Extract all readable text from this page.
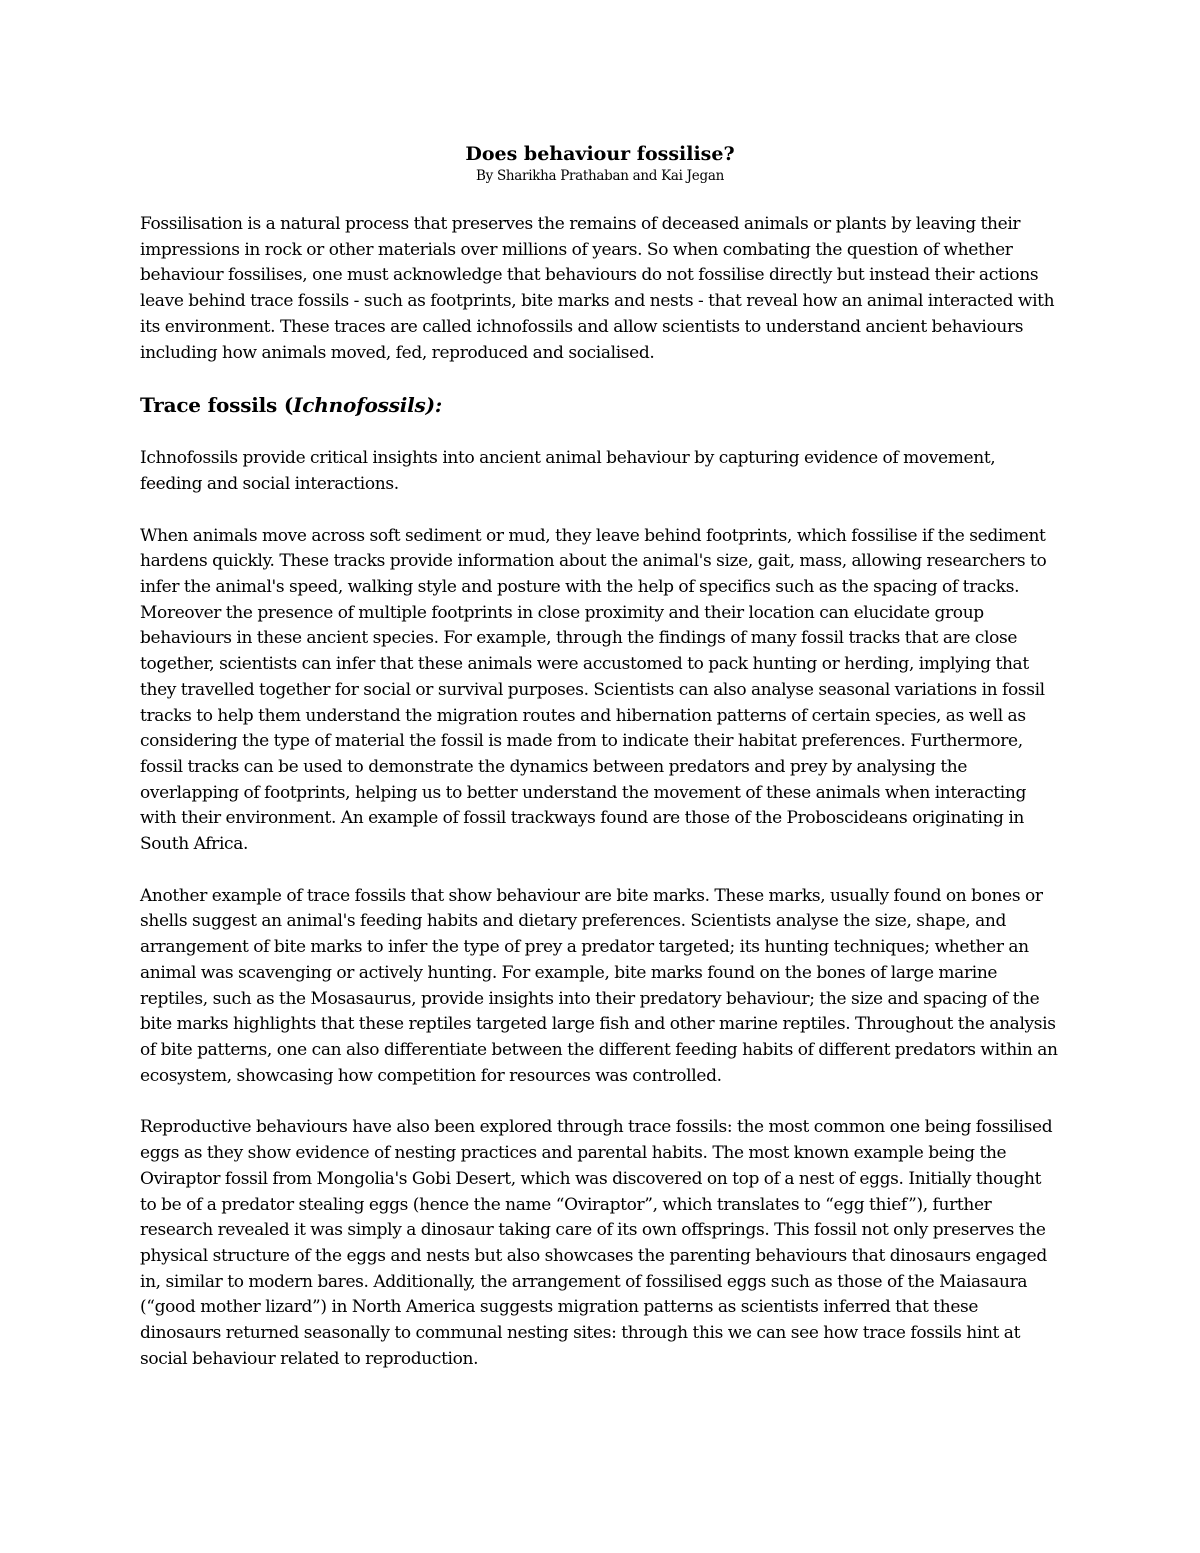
Does behaviour fossilise?

By Sharikha Prathaban and Kai Jegan

Fossilisation is a natural process that preserves the remains of deceased animals or plants by leaving their impressions in rock or other materials over millions of years. So when combating the question of whether behaviour fossilises, one must acknowledge that behaviours do not fossilise directly but instead their actions leave behind trace fossils - such as footprints, bite marks and nests - that reveal how an animal interacted with its environment. These traces are called ichnofossils and allow scientists to understand ancient behaviours including how animals moved, fed, reproduced and socialised.

Trace fossils (Ichnofossils):

Ichnofossils provide critical insights into ancient animal behaviour by capturing evidence of movement, feeding and social interactions.

When animals move across soft sediment or mud, they leave behind footprints, which fossilise if the sediment hardens quickly. These tracks provide information about the animal's size, gait, mass, allowing researchers to infer the animal's speed, walking style and posture with the help of specifics such as the spacing of tracks. Moreover the presence of multiple footprints in close proximity and their location can elucidate group behaviours in these ancient species. For example, through the findings of many fossil tracks that are close together, scientists can infer that these animals were accustomed to pack hunting or herding, implying that they travelled together for social or survival purposes. Scientists can also analyse seasonal variations in fossil tracks to help them understand the migration routes and hibernation patterns of certain species, as well as considering the type of material the fossil is made from to indicate their habitat preferences. Furthermore, fossil tracks can be used to demonstrate the dynamics between predators and prey by analysing the overlapping of footprints, helping us to better understand the movement of these animals when interacting with their environment. An example of fossil trackways found are those of the Proboscideans originating in South Africa.

Another example of trace fossils that show behaviour are bite marks. These marks, usually found on bones or shells suggest an animal's feeding habits and dietary preferences. Scientists analyse the size, shape, and arrangement of bite marks to infer the type of prey a predator targeted; its hunting techniques; whether an animal was scavenging or actively hunting. For example, bite marks found on the bones of large marine reptiles, such as the Mosasaurus, provide insights into their predatory behaviour; the size and spacing of the bite marks highlights that these reptiles targeted large fish and other marine reptiles. Throughout the analysis of bite patterns, one can also differentiate between the different feeding habits of different predators within an ecosystem, showcasing how competition for resources was controlled.

Reproductive behaviours have also been explored through trace fossils: the most common one being fossilised eggs as they show evidence of nesting practices and parental habits. The most known example being the Oviraptor fossil from Mongolia's Gobi Desert, which was discovered on top of a nest of eggs. Initially thought to be of a predator stealing eggs (hence the name “Oviraptor”, which translates to “egg thief”), further research revealed it was simply a dinosaur taking care of its own offsprings. This fossil not only preserves the physical structure of the eggs and nests but also showcases the parenting behaviours that dinosaurs engaged in, similar to modern bares. Additionally, the arrangement of fossilised eggs such as those of the Maiasaura (“good mother lizard”) in North America suggests migration patterns as scientists inferred that these dinosaurs returned seasonally to communal nesting sites: through this we can see how trace fossils hint at social behaviour related to reproduction.
